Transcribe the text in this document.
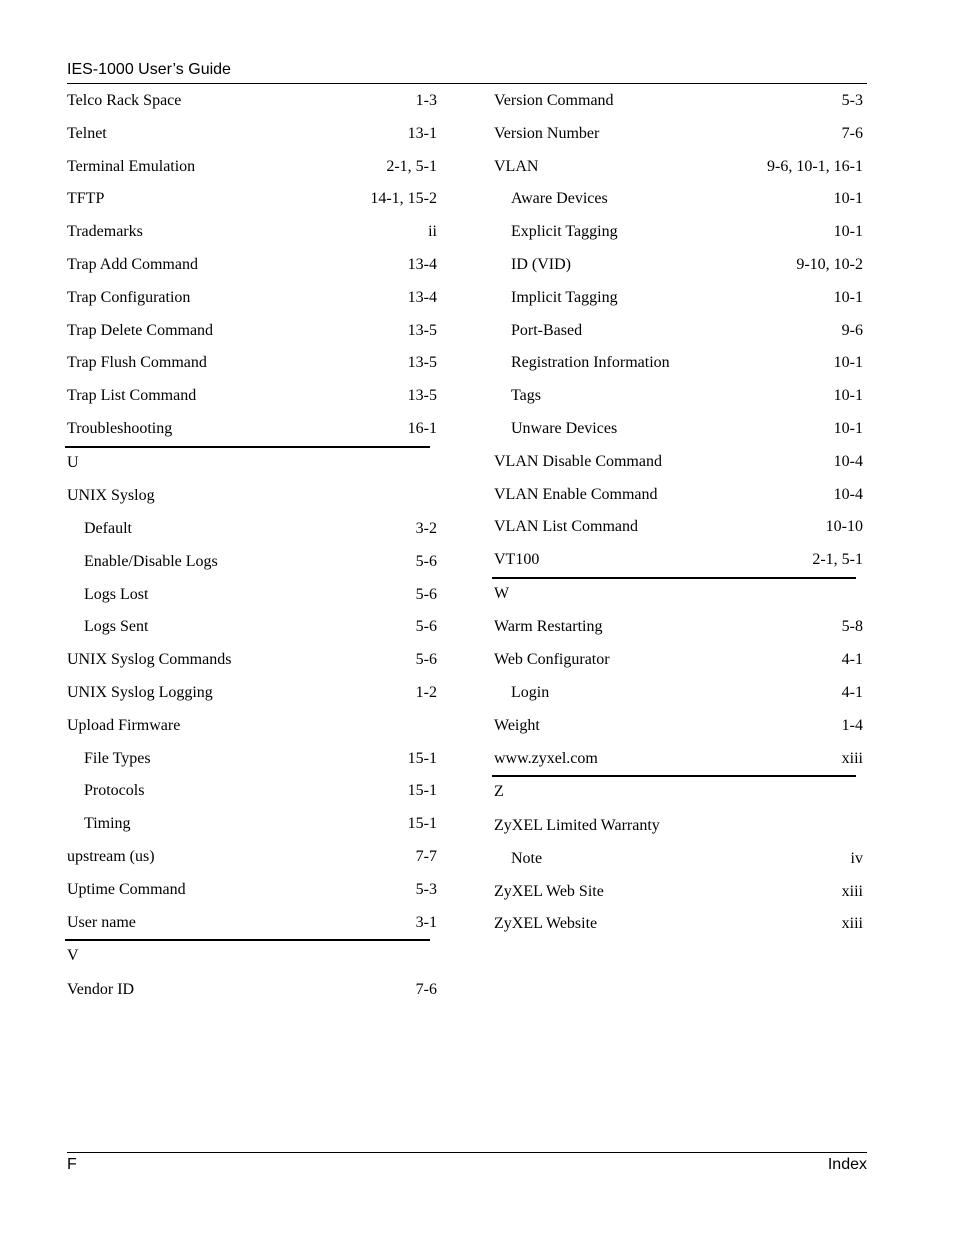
IES-1000 User’s Guide
Telco Rack Space	1-3
Telnet	13-1
Terminal Emulation	2-1, 5-1
TFTP	14-1, 15-2
Trademarks	ii
Trap Add Command	13-4
Trap Configuration	13-4
Trap Delete Command	13-5
Trap Flush Command	13-5
Trap List Command	13-5
Troubleshooting	16-1
U
UNIX Syslog
Default	3-2
Enable/Disable Logs	5-6
Logs Lost	5-6
Logs Sent	5-6
UNIX Syslog Commands	5-6
UNIX Syslog Logging	1-2
Upload Firmware
File Types	15-1
Protocols	15-1
Timing	15-1
upstream (us)	7-7
Uptime Command	5-3
User name	3-1
V
Vendor ID	7-6
Version Command	5-3
Version Number	7-6
VLAN	9-6, 10-1, 16-1
Aware Devices	10-1
Explicit Tagging	10-1
ID (VID)	9-10, 10-2
Implicit Tagging	10-1
Port-Based	9-6
Registration Information	10-1
Tags	10-1
Unware Devices	10-1
VLAN Disable Command	10-4
VLAN Enable Command	10-4
VLAN List Command	10-10
VT100	2-1, 5-1
W
Warm Restarting	5-8
Web Configurator	4-1
Login	4-1
Weight	1-4
www.zyxel.com	xiii
Z
ZyXEL Limited Warranty
Note	iv
ZyXEL Web Site	xiii
ZyXEL Website	xiii
F	Index
